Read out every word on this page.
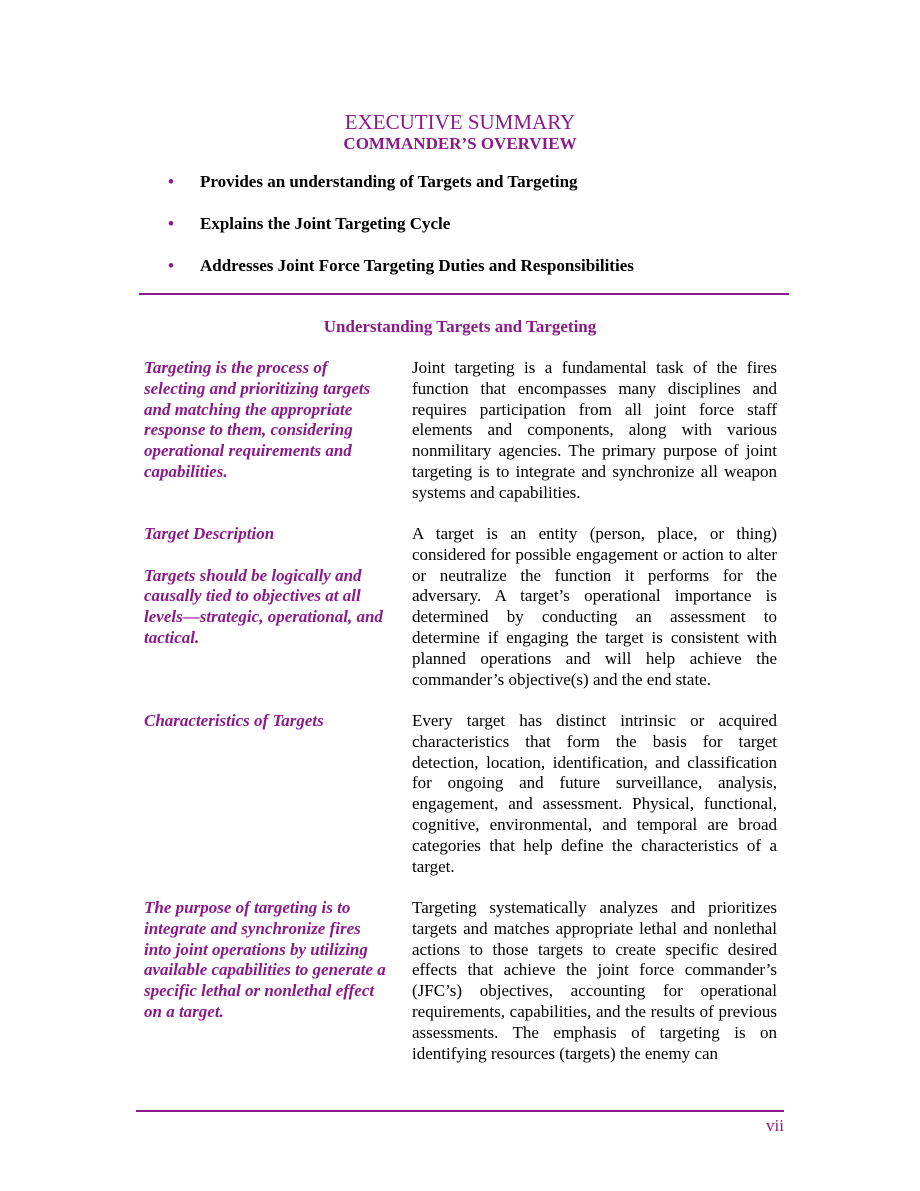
EXECUTIVE SUMMARY
COMMANDER’S OVERVIEW
• Provides an understanding of Targets and Targeting
• Explains the Joint Targeting Cycle
• Addresses Joint Force Targeting Duties and Responsibilities
Understanding Targets and Targeting

Targeting is the process of selecting and prioritizing targets and matching the appropriate response to them, considering operational requirements and capabilities.

Joint targeting is a fundamental task of the fires function that encompasses many disciplines and requires participation from all joint force staff elements and components, along with various nonmilitary agencies. The primary purpose of joint targeting is to integrate and synchronize all weapon systems and capabilities.

Target Description

Targets should be logically and causally tied to objectives at all levels—strategic, operational, and tactical.

A target is an entity (person, place, or thing) considered for possible engagement or action to alter or neutralize the function it performs for the adversary. A target’s operational importance is determined by conducting an assessment to determine if engaging the target is consistent with planned operations and will help achieve the commander’s objective(s) and the end state.

Characteristics of Targets	Every target has distinct intrinsic or acquired characteristics that form the basis for target detection, location, identification, and classification for ongoing and future surveillance, analysis, engagement, and assessment. Physical, functional, cognitive, environmental, and temporal are broad categories that help define the characteristics of a target.

The purpose of targeting is to integrate and synchronize fires into joint operations by utilizing available capabilities to generate a specific lethal or nonlethal effect on a target.

Targeting systematically analyzes and prioritizes targets and matches appropriate lethal and nonlethal actions to those targets to create specific desired effects that achieve the joint force commander’s (JFC’s) objectives, accounting for operational requirements, capabilities, and the results of previous assessments. The emphasis of targeting is on identifying resources (targets) the enemy can

vii
